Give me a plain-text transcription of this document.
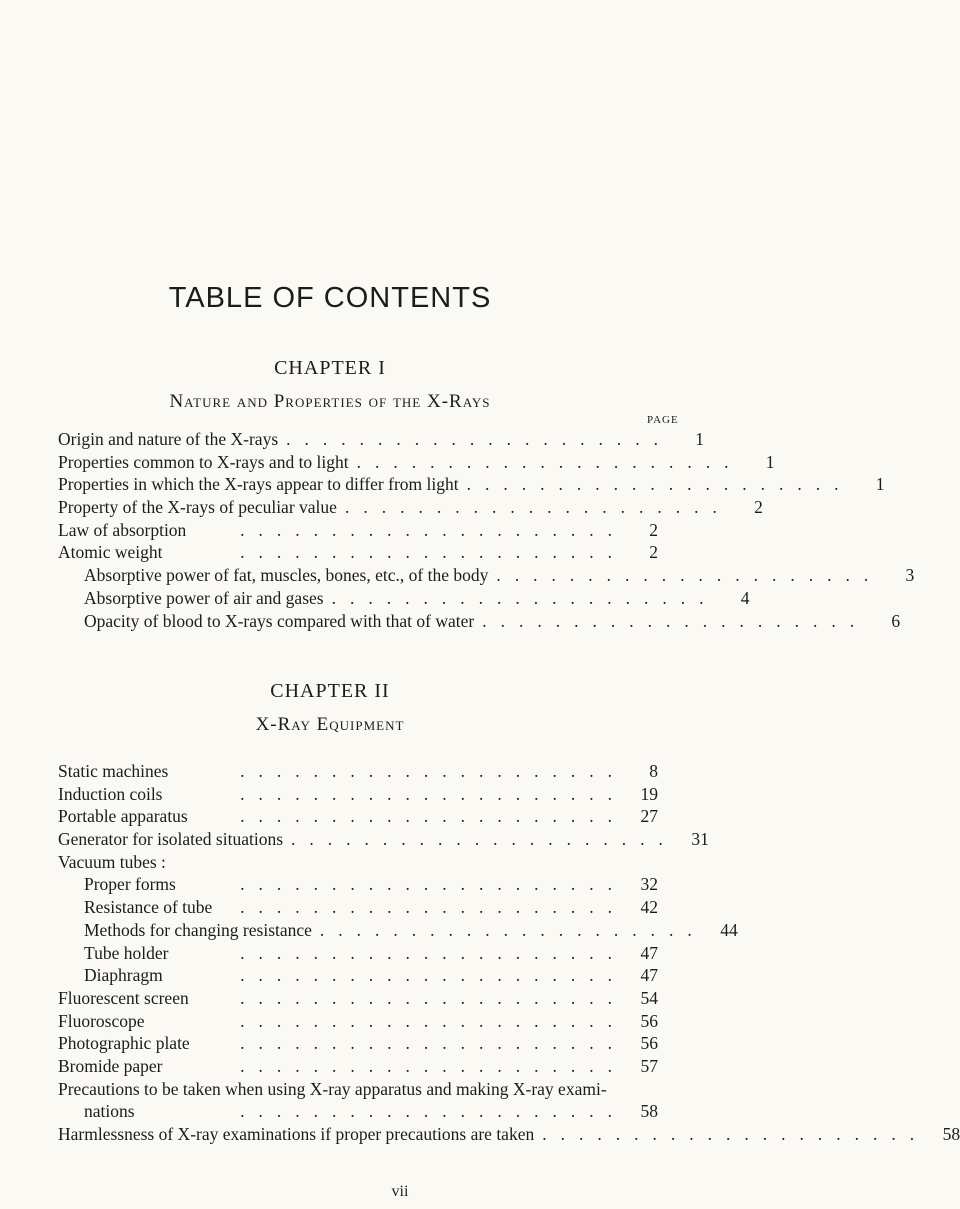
TABLE OF CONTENTS
CHAPTER I
Nature and Properties of the X-Rays
PAGE
Origin and nature of the X-rays .....................	1
Properties common to X-rays and to light .....................	1
Properties in which the X-rays appear to differ from light .....................	1
Property of the X-rays of peculiar value .....................	2
Law of absorption	.....................	2
Atomic weight	.....................	2
Absorptive power of fat, muscles, bones, etc., of the body .....................	3
Absorptive power of air and gases .....................	4
Opacity of blood to X-rays compared with that of water .....................	6
CHAPTER II
X-Ray Equipment
Static machines	.....................	8
Induction coils	..................... 19
Portable apparatus	..................... 27
Generator for isolated situations ..................... 31
Vacuum tubes :
Proper forms	..................... 32
Resistance of tube	..................... 42
Methods for changing resistance ..................... 44
Tube holder	..................... 47
Diaphragm	..................... 47
Fluorescent screen	..................... 54
Fluoroscope	..................... 56
Photographic plate	..................... 56
Bromide paper	..................... 57
Precautions to be taken when using X-ray apparatus and making X-ray exami-
nations	..................... 58
Harmlessness of X-ray examinations if proper precautions are taken ..................... 58
vii
